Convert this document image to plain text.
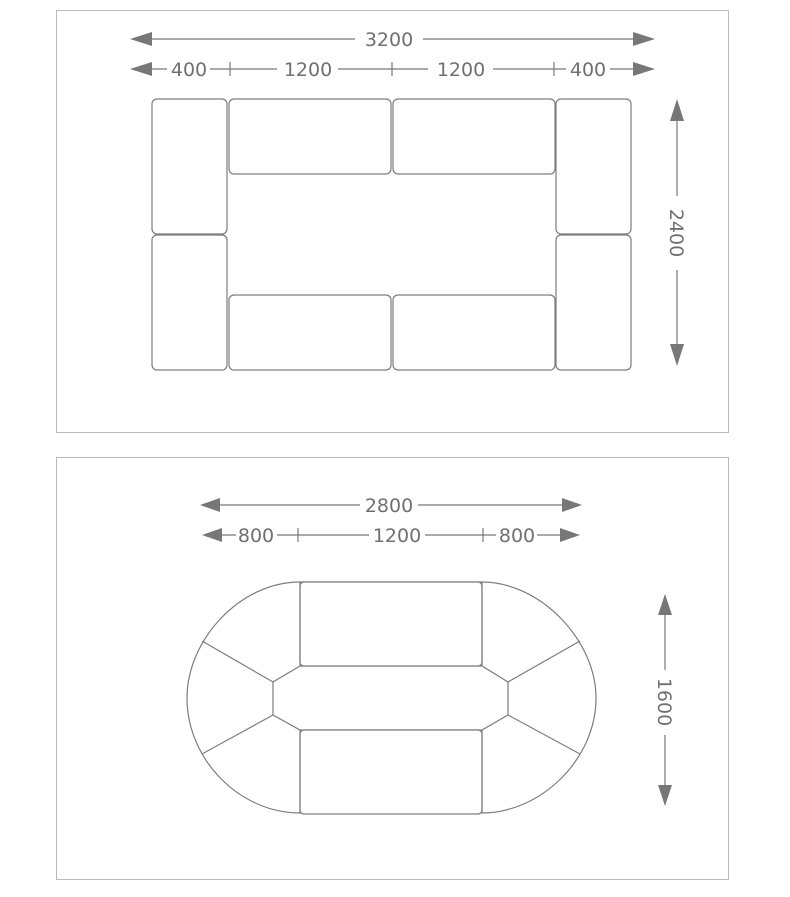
3200
400	1200	1200	400
2400
2800
800	1200	800
1600
